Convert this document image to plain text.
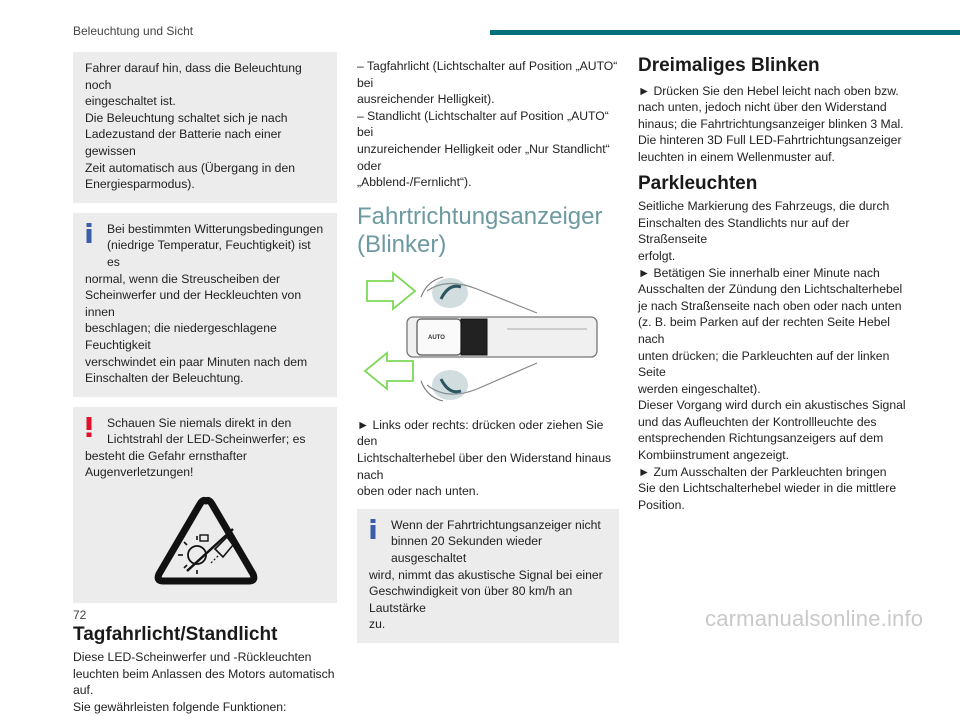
Beleuchtung und Sicht
Fahrer darauf hin, dass die Beleuchtung noch
eingeschaltet ist.
Die Beleuchtung schaltet sich je nach
Ladezustand der Batterie nach einer gewissen
Zeit automatisch aus (Übergang in den
Energiesparmodus).
Bei bestimmten Witterungsbedingungen
(niedrige Temperatur, Feuchtigkeit) ist es
normal, wenn die Streuscheiben der
Scheinwerfer und der Heckleuchten von innen
beschlagen; die niedergeschlagene Feuchtigkeit
verschwindet ein paar Minuten nach dem
Einschalten der Beleuchtung.
Schauen Sie niemals direkt in den
Lichtstrahl der LED-Scheinwerfer; es
besteht die Gefahr ernsthafter
Augenverletzungen!
Tagfahrlicht/Standlicht
Diese LED-Scheinwerfer und -Rückleuchten
leuchten beim Anlassen des Motors automatisch auf.
Sie gewährleisten folgende Funktionen:
– Tagfahrlicht (Lichtschalter auf Position „AUTO“ bei
ausreichender Helligkeit).
– Standlicht (Lichtschalter auf Position „AUTO“ bei
unzureichender Helligkeit oder „Nur Standlicht“ oder
„Abblend-/Fernlicht“).
Fahrtrichtungsanzeiger
(Blinker)
AUTO
► Links oder rechts: drücken oder ziehen Sie den
Lichtschalterhebel über den Widerstand hinaus nach
oben oder nach unten.
Wenn der Fahrtrichtungsanzeiger nicht
binnen 20 Sekunden wieder ausgeschaltet
wird, nimmt das akustische Signal bei einer
Geschwindigkeit von über 80 km/h an Lautstärke
zu.
Dreimaliges Blinken
► Drücken Sie den Hebel leicht nach oben bzw.
nach unten, jedoch nicht über den Widerstand
hinaus; die Fahrtrichtungsanzeiger blinken 3 Mal.
Die hinteren 3D Full LED-Fahrtrichtungsanzeiger
leuchten in einem Wellenmuster auf.
Parkleuchten
Seitliche Markierung des Fahrzeugs, die durch
Einschalten des Standlichts nur auf der Straßenseite
erfolgt.
► Betätigen Sie innerhalb einer Minute nach
Ausschalten der Zündung den Lichtschalterhebel
je nach Straßenseite nach oben oder nach unten
(z. B. beim Parken auf der rechten Seite Hebel nach
unten drücken; die Parkleuchten auf der linken Seite
werden eingeschaltet).
Dieser Vorgang wird durch ein akustisches Signal
und das Aufleuchten der Kontrollleuchte des
entsprechenden Richtungsanzeigers auf dem
Kombiinstrument angezeigt.
► Zum Ausschalten der Parkleuchten bringen
Sie den Lichtschalterhebel wieder in die mittlere
Position.
72	carmanualsonline.info
